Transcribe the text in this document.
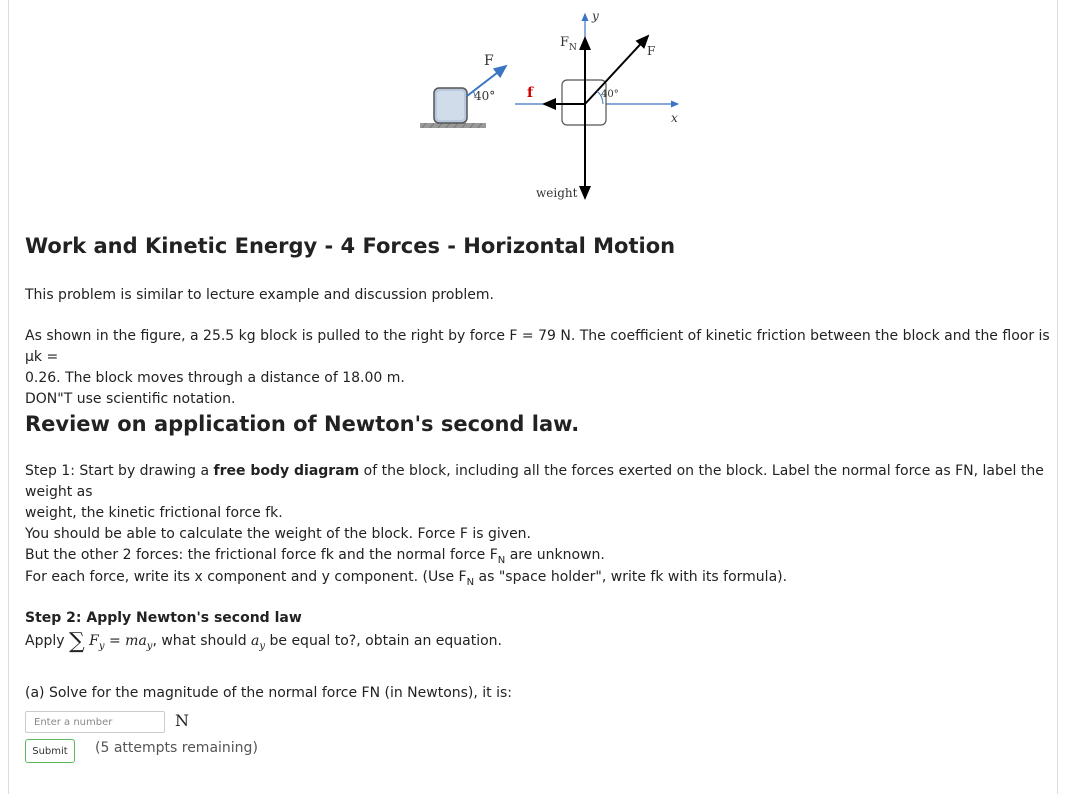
F
40° f
y
x
$F_N$	F
40°
weight
Work and Kinetic Energy - 4 Forces - Horizontal Motion
This problem is similar to lecture example and discussion problem.
As shown in the figure, a 25.5 kg block is pulled to the right by force F = 79 N. The coefficient of kinetic friction between the block and the floor is μk =
0.26. The block moves through a distance of 18.00 m.
DON"T use scientific notation.
Review on application of Newton's second law.
Step 1: Start by drawing a free body diagram of the block, including all the forces exerted on the block. Label the normal force as FN, label the weight as
weight, the kinetic frictional force fk.
You should be able to calculate the weight of the block. Force F is given.
But the other 2 forces: the frictional force fk and the normal force $F_N$ are unknown.
For each force, write its x component and y component. (Use $F_N$ as "space holder", write fk with its formula).
Step 2: Apply Newton's second law
Apply ∑ $F_y = ma_y$, what should $a_y$ be equal to?, obtain an equation.
(a) Solve for the magnitude of the normal force FN (in Newtons), it is:
Enter a number
N
Submit	(5 attempts remaining)
